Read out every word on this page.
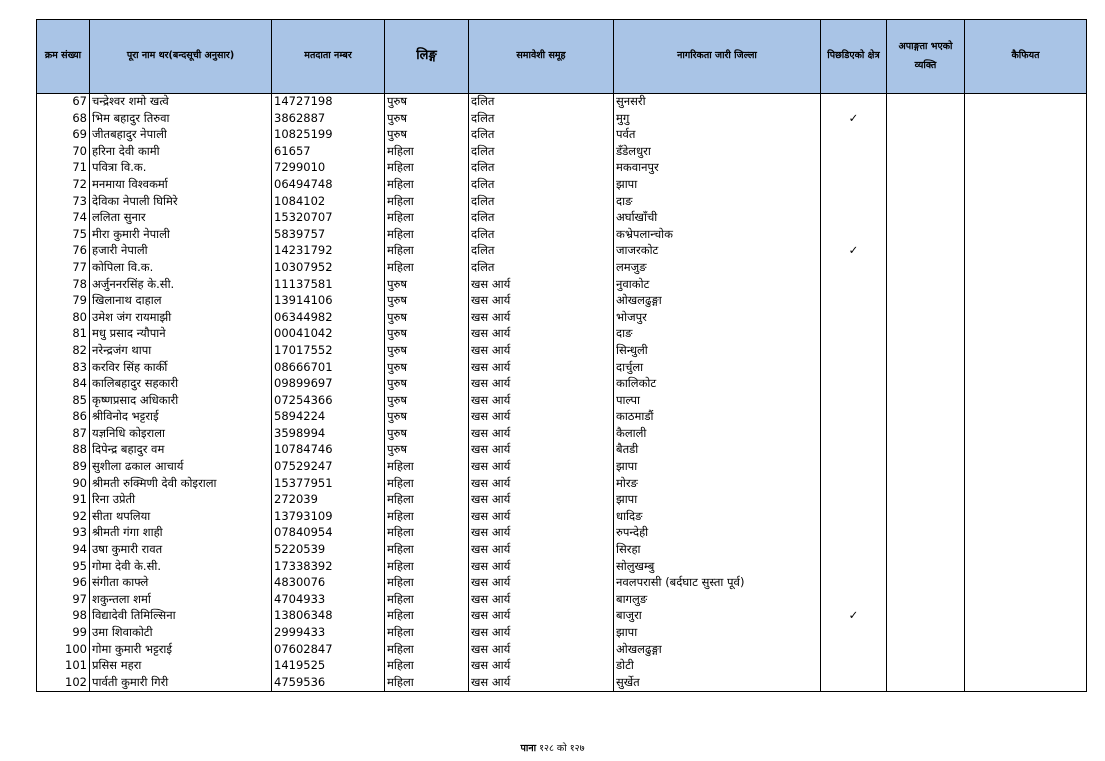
क्रम संख्या	पूरा नाम थर(बन्दसूची अनुसार)	मतदाता नम्बर	लिङ्ग	समावेशी समूह	नागरिकता जारी जिल्ला	पिछडिएको क्षेत्र	अपाङ्गता भएको व्यक्ति	कैफियत
67	चन्द्रेश्वर शमो खत्वे	14727198	पुरुष	दलित	सुनसरी			
68	भिम बहादुर तिरुवा	3862887	पुरुष	दलित	मुगु	✓		
69	जीतबहादुर नेपाली	10825199	पुरुष	दलित	पर्वत			
70	हरिना देवी कामी	61657	महिला	दलित	डँडेलधुरा			
71	पवित्रा वि.क.	7299010	महिला	दलित	मकवानपुर			
72	मनमाया विश्वकर्मा	06494748	महिला	दलित	झापा			
73	देविका नेपाली घिमिरे	1084102	महिला	दलित	दाङ			
74	ललिता सुनार	15320707	महिला	दलित	अर्घाखाँची			
75	मीरा कुमारी नेपाली	5839757	महिला	दलित	कभ्रेपलान्चोक			
76	हजारी नेपाली	14231792	महिला	दलित	जाजरकोट	✓		
77	कोपिला वि.क.	10307952	महिला	दलित	लमजुङ			
78	अर्जुननरसिंह के.सी.	11137581	पुरुष	खस आर्य	नुवाकोट			
79	खिलानाथ दाहाल	13914106	पुरुष	खस आर्य	ओखलढुङ्गा			
80	उमेश जंग रायमाझी	06344982	पुरुष	खस आर्य	भोजपुर			
81	मधु प्रसाद न्यौपाने	00041042	पुरुष	खस आर्य	दाङ			
82	नरेन्द्रजंग थापा	17017552	पुरुष	खस आर्य	सिन्धुली			
83	करविर सिंह कार्की	08666701	पुरुष	खस आर्य	दार्चुला			
84	कालिबहादुर सहकारी	09899697	पुरुष	खस आर्य	कालिकोट			
85	कृष्णप्रसाद अधिकारी	07254366	पुरुष	खस आर्य	पाल्पा			
86	श्रीविनोद भट्टराई	5894224	पुरुष	खस आर्य	काठमाडौं			
87	यज्ञनिधि कोइराला	3598994	पुरुष	खस आर्य	कैलाली			
88	दिपेन्द्र बहादुर वम	10784746	पुरुष	खस आर्य	बैतडी			
89	सुशीला ढकाल आचार्य	07529247	महिला	खस आर्य	झापा			
90	श्रीमती रुक्मिणी देवी कोइराला	15377951	महिला	खस आर्य	मोरङ			
91	रिना उप्रेती	272039	महिला	खस आर्य	झापा			
92	सीता थपलिया	13793109	महिला	खस आर्य	धादिङ			
93	श्रीमती गंगा शाही	07840954	महिला	खस आर्य	रुपन्देही			
94	उषा कुमारी रावत	5220539	महिला	खस आर्य	सिरहा			
95	गोमा देवी के.सी.	17338392	महिला	खस आर्य	सोलुखम्बु			
96	संगीता काफ्ले	4830076	महिला	खस आर्य	नवलपरासी (बर्दघाट सुस्ता पूर्व)			
97	शकुन्तला शर्मा	4704933	महिला	खस आर्य	बागलुङ			
98	विद्यादेवी तिमिल्सिना	13806348	महिला	खस आर्य	बाजुरा	✓		
99	उमा शिवाकोटी	2999433	महिला	खस आर्य	झापा			
100	गोमा कुमारी भट्टराई	07602847	महिला	खस आर्य	ओखलढुङ्गा			
101	प्रसिस महरा	1419525	महिला	खस आर्य	डोटी			
102	पार्वती कुमारी गिरी	4759536	महिला	खस आर्य	सुर्खेत			
पाना १२८ को १२७
